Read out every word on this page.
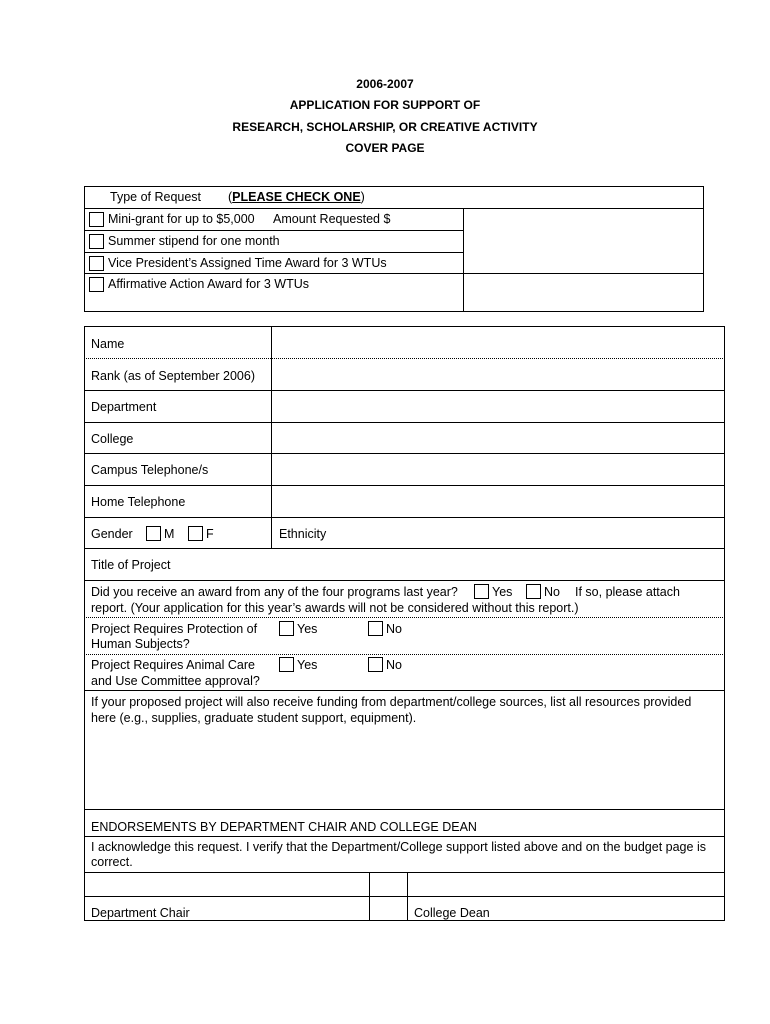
2006-2007
APPLICATION FOR SUPPORT OF
RESEARCH, SCHOLARSHIP, OR CREATIVE ACTIVITY
COVER PAGE
Type of Request (PLEASE CHECK ONE)
Mini-grant for up to $5,000 Amount Requested $
Summer stipend for one month
Vice President’s Assigned Time Award for 3 WTUs
Affirmative Action Award for 3 WTUs
Name
Rank (as of September 2006)
Department
College
Campus Telephone/s
Home Telephone
Gender	M	F	Ethnicity
Title of Project
Did you receive an award from any of the four programs last year?	Yes	No If so, please attach
report. (Your application for this year’s awards will not be considered without this report.)
Project Requires Protection of
Human Subjects?
Yes	No
Project Requires Animal Care
and Use Committee approval?
Yes	No
If your proposed project will also receive funding from department/college sources, list all resources provided
here (e.g., supplies, graduate student support, equipment).
ENDORSEMENTS BY DEPARTMENT CHAIR AND COLLEGE DEAN
I acknowledge this request. I verify that the Department/College support listed above and on the budget page is
correct.
Department Chair	College Dean
